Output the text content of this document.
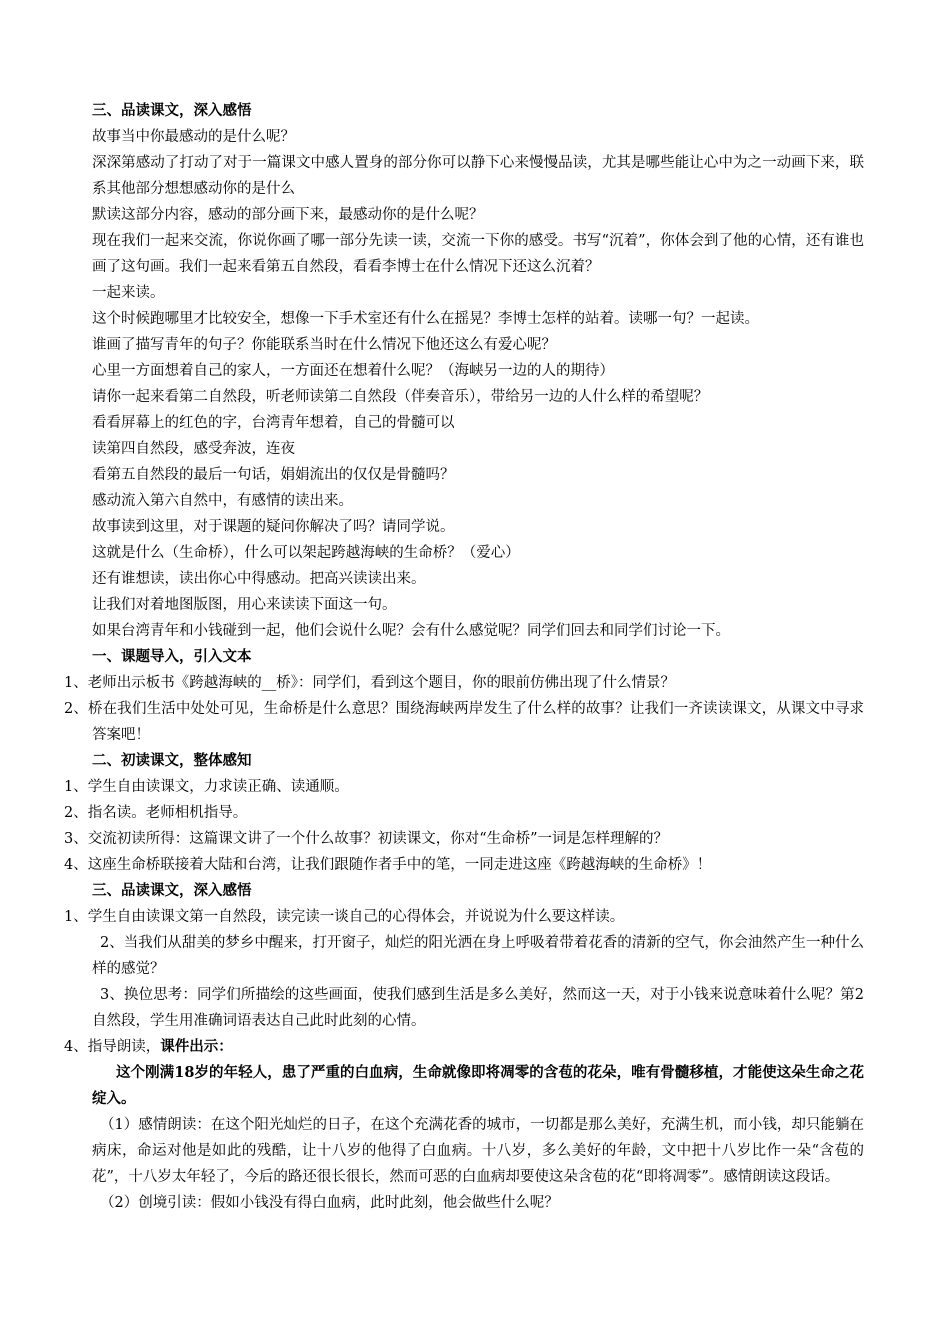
三、品读课文，深入感悟

故事当中你最感动的是什么呢？

深深第感动了打动了对于一篇课文中感人置身的部分你可以静下心来慢慢品读，尤其是哪些能让心中为之一动画下来，联系其他部分想想感动你的是什么

默读这部分内容，感动的部分画下来，最感动你的是什么呢？

现在我们一起来交流，你说你画了哪一部分先读一读，交流一下你的感受。书写“沉着”，你体会到了他的心情，还有谁也画了这句画。我们一起来看第五自然段，看看李博士在什么情况下还这么沉着？

一起来读。

这个时候跑哪里才比较安全，想像一下手术室还有什么在摇晃？李博士怎样的站着。读哪一句？一起读。

谁画了描写青年的句子？你能联系当时在什么情况下他还这么有爱心呢？

心里一方面想着自己的家人，一方面还在想着什么呢？（海峡另一边的人的期待）

请你一起来看第二自然段，听老师读第二自然段（伴奏音乐），带给另一边的人什么样的希望呢？

看看屏幕上的红色的字，台湾青年想着，自己的骨髓可以

读第四自然段，感受奔波，连夜

看第五自然段的最后一句话，娟娟流出的仅仅是骨髓吗？

感动流入第六自然中，有感情的读出来。

故事读到这里，对于课题的疑问你解决了吗？请同学说。

这就是什么（生命桥），什么可以架起跨越海峡的生命桥？（爱心）

还有谁想读，读出你心中得感动。把高兴读读出来。

让我们对着地图版图，用心来读读下面这一句。

如果台湾青年和小钱碰到一起，他们会说什么呢？会有什么感觉呢？同学们回去和同学们讨论一下。

一、课题导入，引入文本

1、老师出示板书《跨越海峡的__桥》：同学们，看到这个题目，你的眼前仿佛出现了什么情景？

2、桥在我们生活中处处可见，生命桥是什么意思？围绕海峡两岸发生了什么样的故事？让我们一齐读读课文，从课文中寻求答案吧！

二、初读课文，整体感知

1、学生自由读课文，力求读正确、读通顺。

2、指名读。老师相机指导。

3、交流初读所得：这篇课文讲了一个什么故事？初读课文，你对“生命桥”一词是怎样理解的？

4、这座生命桥联接着大陆和台湾，让我们跟随作者手中的笔，一同走进这座《跨越海峡的生命桥》！

三、品读课文，深入感悟

1、学生自由读课文第一自然段，读完读一谈自己的心得体会，并说说为什么要这样读。

2、当我们从甜美的梦乡中醒来，打开窗子，灿烂的阳光洒在身上呼吸着带着花香的清新的空气，你会油然产生一种什么样的感觉？

3、换位思考：同学们所描绘的这些画面，使我们感到生活是多么美好，然而这一天，对于小钱来说意味着什么呢？第2自然段，学生用准确词语表达自己此时此刻的心情。

4、指导朗读，课件出示：

这个刚满18岁的年轻人，患了严重的白血病，生命就像即将凋零的含苞的花朵，唯有骨髓移植，才能使这朵生命之花绽入。

（1）感情朗读：在这个阳光灿烂的日子，在这个充满花香的城市，一切都是那么美好，充满生机，而小钱，却只能躺在病床，命运对他是如此的残酷，让十八岁的他得了白血病。十八岁，多么美好的年龄，文中把十八岁比作一朵“含苞的花”，十八岁太年轻了，今后的路还很长很长，然而可恶的白血病却要使这朵含苞的花“即将凋零”。感情朗读这段话。

（2）创境引读：假如小钱没有得白血病，此时此刻，他会做些什么呢？
